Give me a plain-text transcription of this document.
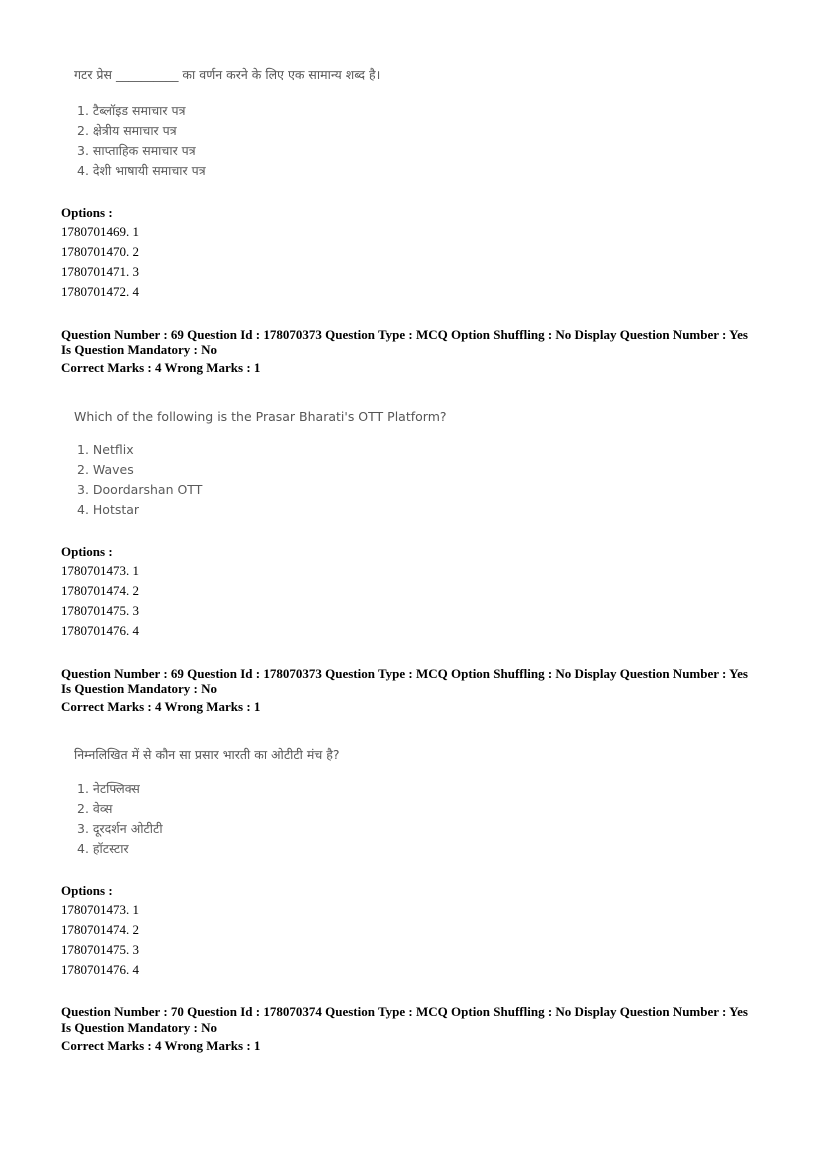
गटर प्रेस __________ का वर्णन करने के लिए एक सामान्य शब्द है।
1. टैब्लॉइड समाचार पत्र
2. क्षेत्रीय समाचार पत्र
3. साप्ताहिक समाचार पत्र
4. देशी भाषायी समाचार पत्र
Options :
1780701469. 1
1780701470. 2
1780701471. 3
1780701472. 4
Question Number : 69 Question Id : 178070373 Question Type : MCQ Option Shuffling : No Display Question Number : Yes
Is Question Mandatory : No
Correct Marks : 4 Wrong Marks : 1
Which of the following is the Prasar Bharati's OTT Platform?
1. Netflix
2. Waves
3. Doordarshan OTT
4. Hotstar
Options :
1780701473. 1
1780701474. 2
1780701475. 3
1780701476. 4
Question Number : 69 Question Id : 178070373 Question Type : MCQ Option Shuffling : No Display Question Number : Yes
Is Question Mandatory : No
Correct Marks : 4 Wrong Marks : 1
निम्नलिखित में से कौन सा प्रसार भारती का ओटीटी मंच है?
1. नेटफ्लिक्स
2. वेव्स
3. दूरदर्शन ओटीटी
4. हॉटस्टार
Options :
1780701473. 1
1780701474. 2
1780701475. 3
1780701476. 4
Question Number : 70 Question Id : 178070374 Question Type : MCQ Option Shuffling : No Display Question Number : Yes
Is Question Mandatory : No
Correct Marks : 4 Wrong Marks : 1
